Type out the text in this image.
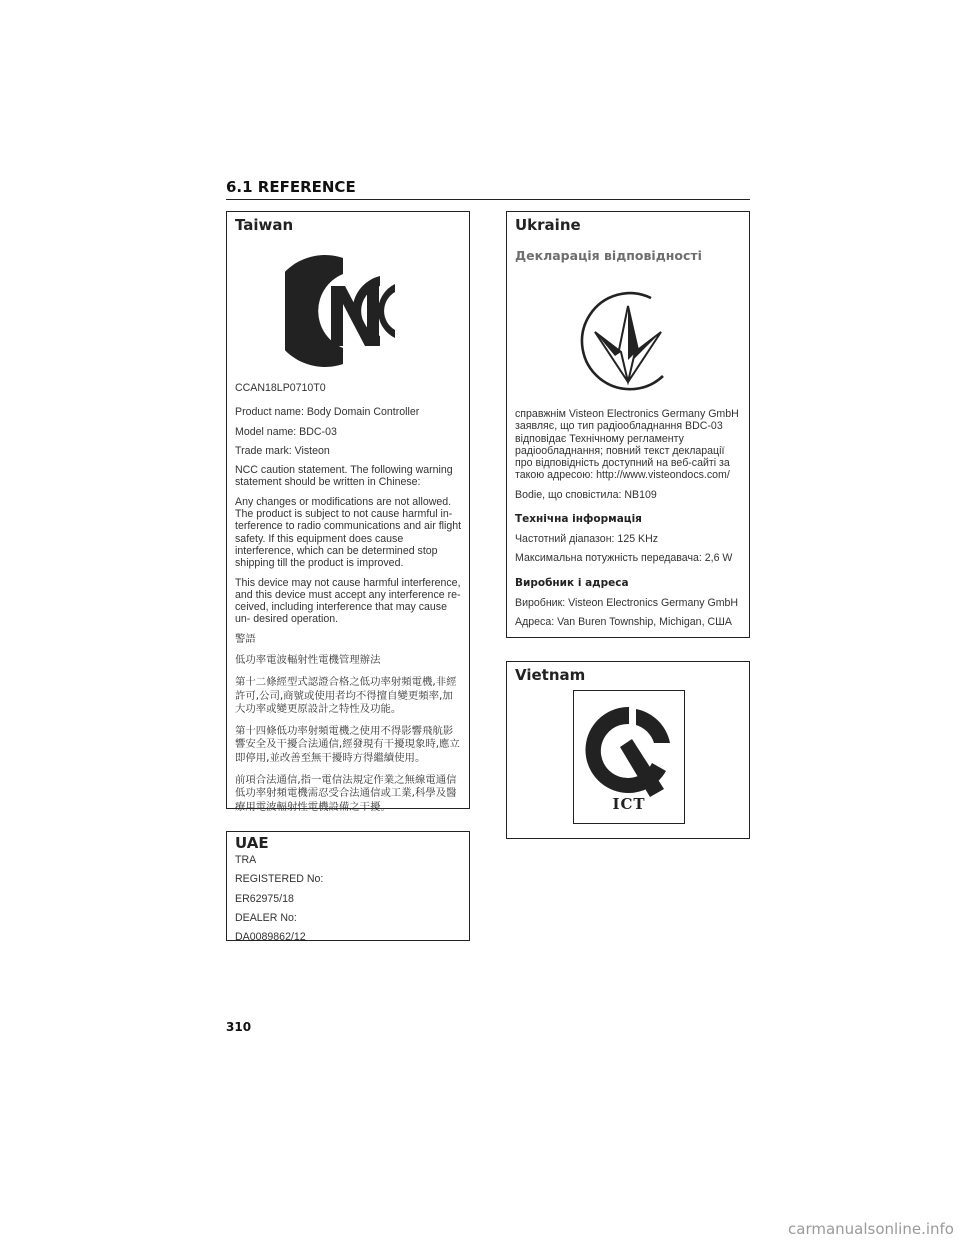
6.1 REFERENCE
Taiwan

CCAN18LP0710T0

Product name: Body Domain Controller

Model name: BDC-03

Trade mark: Visteon

NCC caution statement. The following warning statement should be written in Chinese:

Any changes or modifications are not allowed. The product is subject to not cause harmful in- terference to radio communications and air flight safety. If this equipment does cause interference, which can be determined stop shipping till the product is improved.

This device may not cause harmful interference, and this device must accept any interference re- ceived, including interference that may cause un- desired operation.

警語

低功率電波輻射性電機管理辦法

第十二條經型式認證合格之低功率射頻電機,非經許可,公司,商號或使用者均不得擅自變更頻率,加大功率或變更原設計之特性及功能。

第十四條低功率射頻電機之使用不得影響飛航影響安全及干擾合法通信,經發現有干擾現象時,應立即停用,並改善至無干擾時方得繼續使用。

前項合法通信,指一電信法規定作業之無線電通信低功率射頻電機需忍受合法通信或工業,科學及醫療用電波輻射性電機設備之干擾。

Ukraine
Декларація відповідності

справжнім Visteon Electronics Germany GmbH заявляє, що тип радіообладнання BDC-03 відповідає Технічному регламенту радіообладнання; повний текст декларації про відповідність доступний на веб-сайті за такою адресою: http://www.visteondocs.com/

Bodie, що сповістила: NB109

Технічна інформація

Частотний діапазон: 125 KHz

Максимальна потужність передавача: 2,6 W

Виробник і адреса

Виробник: Visteon Electronics Germany GmbH

Адреса: Van Buren Township, Michigan, США

Vietnam
ICT
UAE

TRA

REGISTERED No:

ER62975/18

DEALER No:

DA0089862/12

310
carmanualsonline.info
